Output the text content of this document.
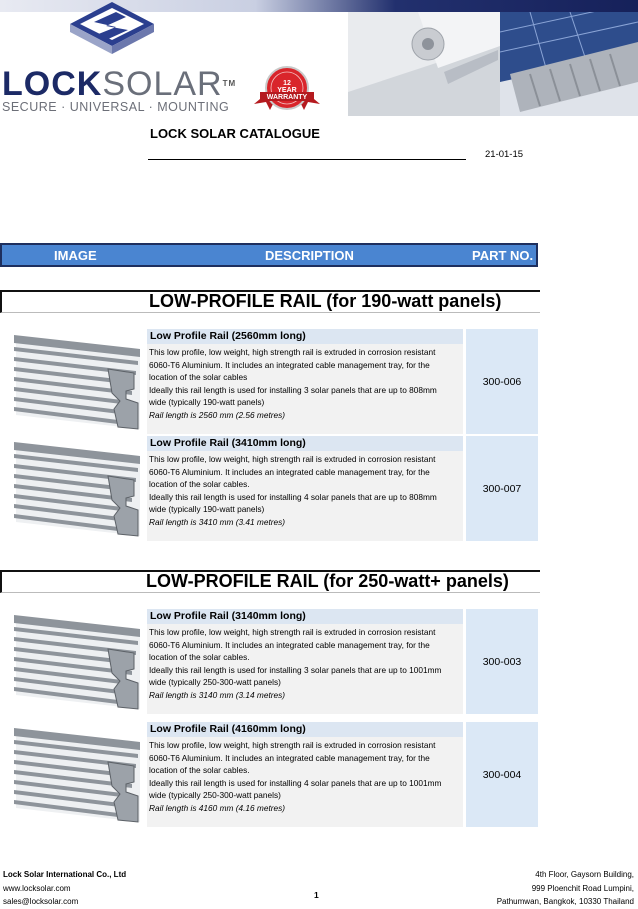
LOCKSOLAR™
SECURE · UNIVERSAL · MOUNTING
12
YEAR
WARRANTY
LOCK SOLAR CATALOGUE
21-01-15
IMAGE	DESCRIPTION	PART NO.
LOW-PROFILE RAIL (for 190-watt panels)
Low Profile Rail (2560mm long)

This low profile, low weight, high strength rail is extruded in corrosion resistant

6060-T6 Aluminium. It includes an integrated cable management tray, for the

location of the solar cables

Ideally this rail length is used for installing 3 solar panels that are up to 808mm

wide (typically 190-watt panels)

Rail length is 2560 mm (2.56 metres)

300-006
Low Profile Rail (3410mm long)

This low profile, low weight, high strength rail is extruded in corrosion resistant

6060-T6 Aluminium. It includes an integrated cable management tray, for the

location of the solar cables.

Ideally this rail length is used for installing 4 solar panels that are up to 808mm

wide (typically 190-watt panels)

Rail length is 3410 mm (3.41 metres)

300-007
LOW-PROFILE RAIL (for 250-watt+ panels)
Low Profile Rail (3140mm long)

This low profile, low weight, high strength rail is extruded in corrosion resistant

6060-T6 Aluminium. It includes an integrated cable management tray, for the

location of the solar cables.

Ideally this rail length is used for installing 3 solar panels that are up to 1001mm

wide (typically 250-300-watt panels)

Rail length is 3140 mm (3.14 metres)

300-003
Low Profile Rail (4160mm long)

This low profile, low weight, high strength rail is extruded in corrosion resistant

6060-T6 Aluminium. It includes an integrated cable management tray, for the

location of the solar cables.

Ideally this rail length is used for installing 4 solar panels that are up to 1001mm

wide (typically 250-300-watt panels)

Rail length is 4160 mm (4.16 metres)

300-004
Lock Solar International Co., Ltd
www.locksolar.com
sales@locksolar.com
1
4th Floor, Gaysorn Building,
999 Ploenchit Road Lumpini,
Pathumwan, Bangkok, 10330 Thailand
